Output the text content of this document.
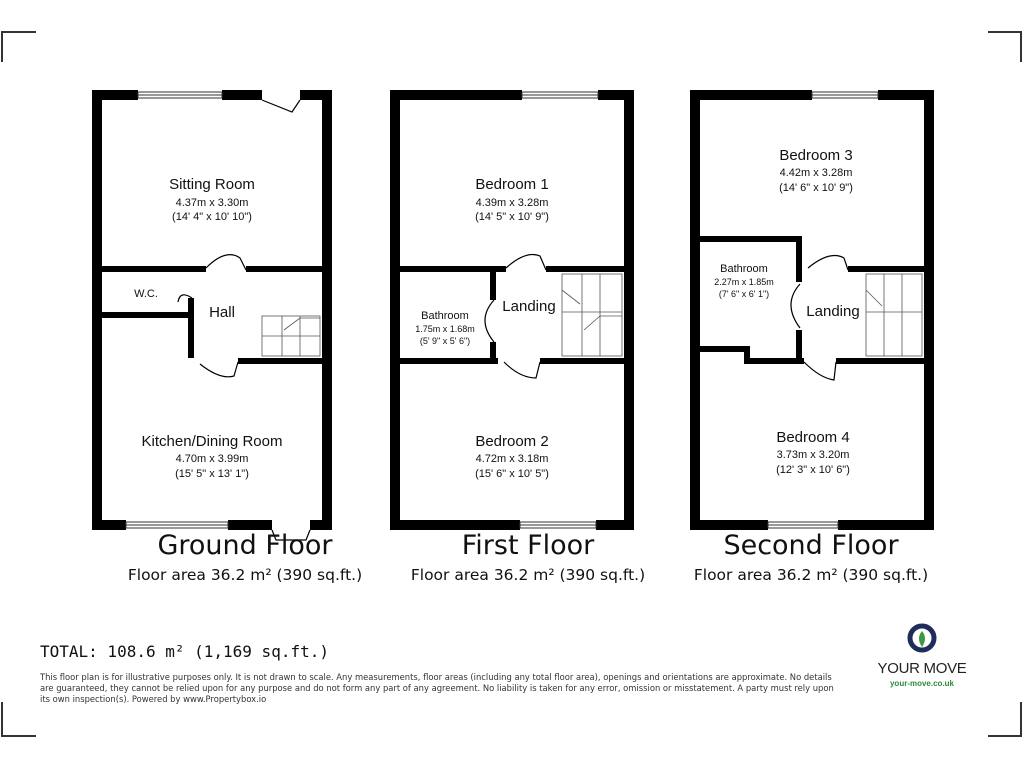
Sitting Room
4.37m x 3.30m
(14' 4" x 10' 10")
W.C.
Hall
Kitchen/Dining Room
4.70m x 3.99m
(15' 5" x 13' 1")
Bedroom 1
4.39m x 3.28m
(14' 5" x 10' 9")
Bathroom
1.75m x 1.68m
(5' 9" x 5' 6")
Landing
Bedroom 2
4.72m x 3.18m
(15' 6" x 10' 5")
Bedroom 3
4.42m x 3.28m
(14' 6" x 10' 9")
Bathroom
2.27m x 1.85m
(7' 6" x 6' 1")
Landing
Bedroom 4
3.73m x 3.20m
(12' 3" x 10' 6")
Ground Floor
Floor area 36.2 m² (390 sq.ft.)
First Floor
Floor area 36.2 m² (390 sq.ft.)
Second Floor
Floor area 36.2 m² (390 sq.ft.)
TOTAL: 108.6 m² (1,169 sq.ft.)
This floor plan is for illustrative purposes only. It is not drawn to scale. Any measurements, floor areas (including any total floor area), openings and orientations are approximate. No details are guaranteed, they cannot be relied upon for any purpose and do not form any part of any agreement. No liability is taken for any error, omission or misstatement. A party must rely upon its own inspection(s). Powered by www.Propertybox.io
YOUR MOVE
your-move.co.uk
